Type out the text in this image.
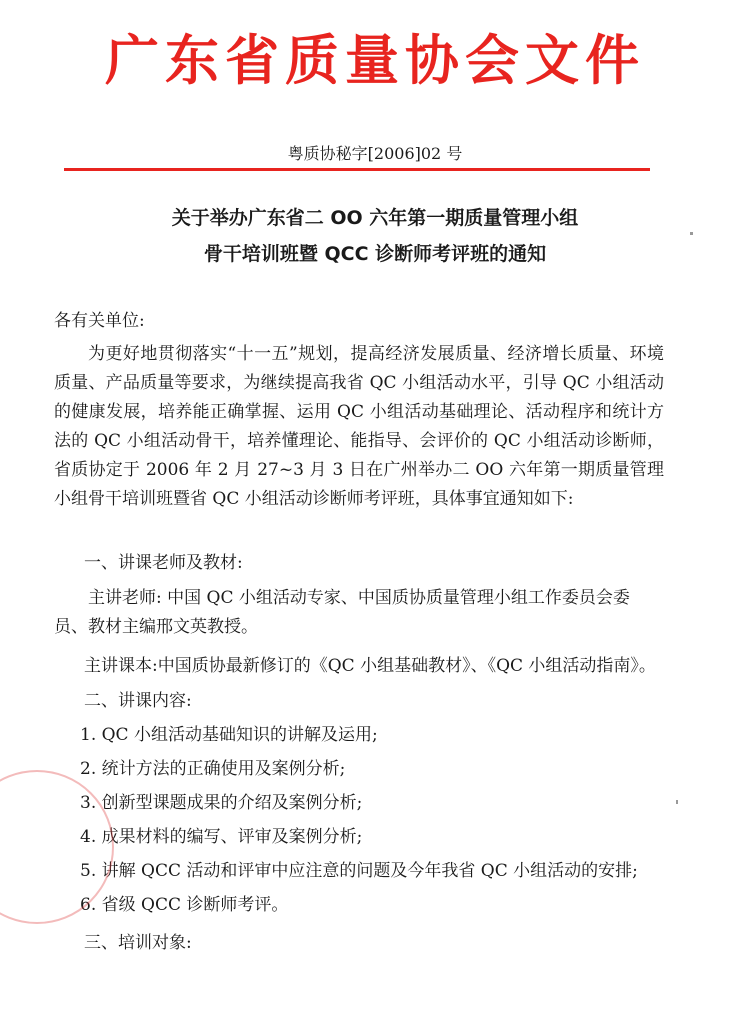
广东省质量协会文件
粤质协秘字[2006]02 号
关于举办广东省二 OO 六年第一期质量管理小组
骨干培训班暨 QCC 诊断师考评班的通知
各有关单位:

为更好地贯彻落实“十一五”规划，提高经济发展质量、经济增长质量、环境质量、产品质量等要求，为继续提高我省 QC 小组活动水平，引导 QC 小组活动的健康发展，培养能正确掌握、运用 QC 小组活动基础理论、活动程序和统计方法的 QC 小组活动骨干，培养懂理论、能指导、会评价的 QC 小组活动诊断师，省质协定于 2006 年 2 月 27~3 月 3 日在广州举办二 OO 六年第一期质量管理小组骨干培训班暨省 QC 小组活动诊断师考评班，具体事宜通知如下:

一、讲课老师及教材:
主讲老师: 中国 QC 小组活动专家、中国质协质量管理小组工作委员会委员、教材主编邢文英教授。
主讲课本:中国质协最新修订的《QC 小组基础教材》、《QC 小组活动指南》。
二、讲课内容:
1. QC 小组活动基础知识的讲解及运用;
2. 统计方法的正确使用及案例分析;
3. 创新型课题成果的介绍及案例分析;
4. 成果材料的编写、评审及案例分析;
5. 讲解 QCC 活动和评审中应注意的问题及今年我省 QC 小组活动的安排;
6. 省级 QCC 诊断师考评。
三、培训对象:
